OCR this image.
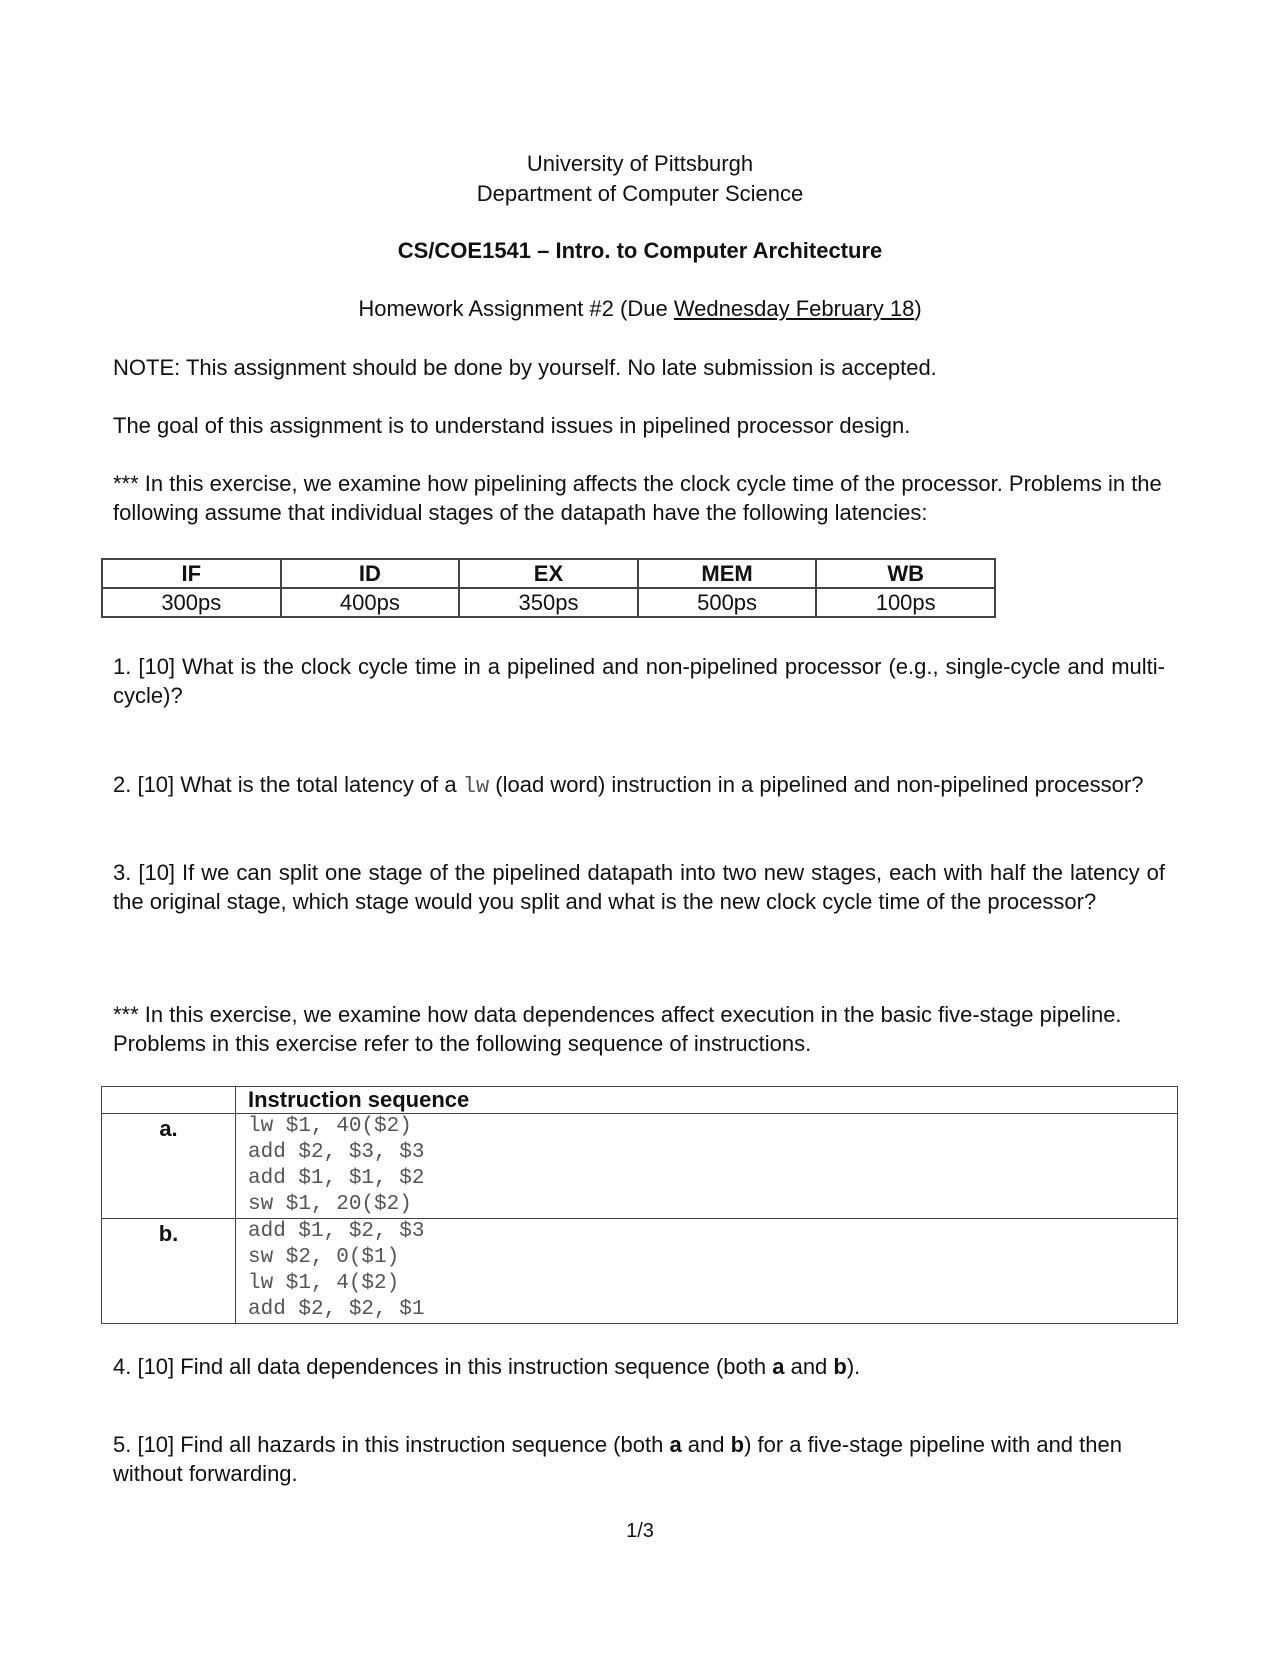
University of Pittsburgh
Department of Computer Science
CS/COE1541 – Intro. to Computer Architecture
Homework Assignment #2 (Due Wednesday February 18)
NOTE: This assignment should be done by yourself. No late submission is accepted.
The goal of this assignment is to understand issues in pipelined processor design.
*** In this exercise, we examine how pipelining affects the clock cycle time of the processor. Problems in the following assume that individual stages of the datapath have the following latencies:
IF	ID	EX	MEM	WB
300ps	400ps	350ps	500ps	100ps
1. [10] What is the clock cycle time in a pipelined and non-pipelined processor (e.g., single-cycle and multi-cycle)?
2. [10] What is the total latency of a lw (load word) instruction in a pipelined and non-pipelined processor?
3. [10] If we can split one stage of the pipelined datapath into two new stages, each with half the latency of the original stage, which stage would you split and what is the new clock cycle time of the processor?
*** In this exercise, we examine how data dependences affect execution in the basic five-stage pipeline. Problems in this exercise refer to the following sequence of instructions.
	Instruction sequence
a.	lw $1, 40($2)
add $2, $3, $3
add $1, $1, $2
sw $1, 20($2)

b.	add $1, $2, $3
sw $2, 0($1)
lw $1, 4($2)
add $2, $2, $1
4. [10] Find all data dependences in this instruction sequence (both a and b).
5. [10] Find all hazards in this instruction sequence (both a and b) for a five-stage pipeline with and then without forwarding.
1/3
